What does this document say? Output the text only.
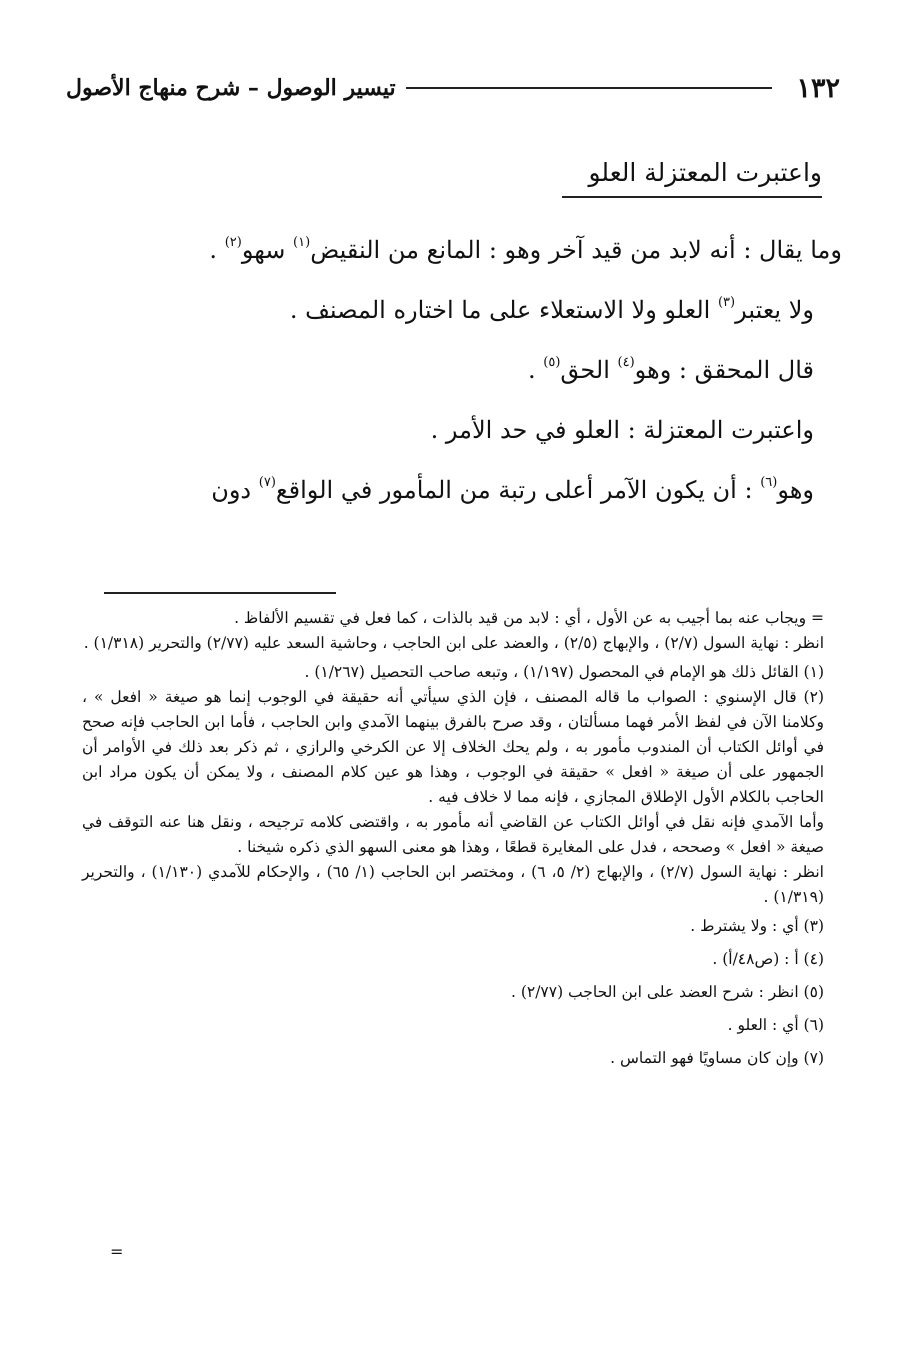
١٣٢
تيسير الوصول – شرح منهاج الأصول
واعتبرت المعتزلة العلو

وما يقال : أنه لابد من قيد آخر وهو : المانع من النقيض$^{(١)}$ سهو$^{(٢)}$ .

ولا يعتبر$^{(٣)}$ العلو ولا الاستعلاء على ما اختاره المصنف .

قال المحقق : وهو$^{(٤)}$ الحق$^{(٥)}$ .

واعتبرت المعتزلة : العلو في حد الأمر .

وهو$^{(٦)}$ : أن يكون الآمر أعلى رتبة من المأمور في الواقع$^{(٧)}$ دون

= ويجاب عنه بما أجيب به عن الأول ، أي : لابد من قيد بالذات ، كما فعل في تقسيم الألفاظ .

انظر : نهاية السول (٢/٧) ، والإبهاج (٢/٥) ، والعضد على ابن الحاجب ، وحاشية السعد عليه (٢/٧٧) والتحرير (١/٣١٨) .

(١) القائل ذلك هو الإمام في المحصول (١/١٩٧) ، وتبعه صاحب التحصيل (١/٢٦٧) .

(٢) قال الإسنوي : الصواب ما قاله المصنف ، فإن الذي سيأتي أنه حقيقة في الوجوب إنما هو صيغة « افعل » ، وكلامنا الآن في لفظ الأمر فهما مسألتان ، وقد صرح بالفرق بينهما الآمدي وابن الحاجب ، فأما ابن الحاجب فإنه صحح في أوائل الكتاب أن المندوب مأمور به ، ولم يحك الخلاف إلا عن الكرخي والرازي ، ثم ذكر بعد ذلك في الأوامر أن الجمهور على أن صيغة « افعل » حقيقة في الوجوب ، وهذا هو عين كلام المصنف ، ولا يمكن أن يكون مراد ابن الحاجب بالكلام الأول الإطلاق المجازي ، فإنه مما لا خلاف فيه .

وأما الآمدي فإنه نقل في أوائل الكتاب عن القاضي أنه مأمور به ، واقتضى كلامه ترجيحه ، ونقل هنا عنه التوقف في صيغة « افعل » وصححه ، فدل على المغايرة قطعًا ، وهذا هو معنى السهو الذي ذكره شيخنا .

انظر : نهاية السول (٢/٧) ، والإبهاج (٢/ ٥، ٦) ، ومختصر ابن الحاجب (١/ ٦٥) ، والإحكام للآمدي (١/١٣٠) ، والتحرير (١/٣١٩) .

(٣) أي : ولا يشترط .

(٤) أ : (ص٤٨/أ) .

(٥) انظر : شرح العضد على ابن الحاجب (٢/٧٧) .

(٦) أي : العلو .

(٧) وإن كان مساويًا فهو التماس .

=
